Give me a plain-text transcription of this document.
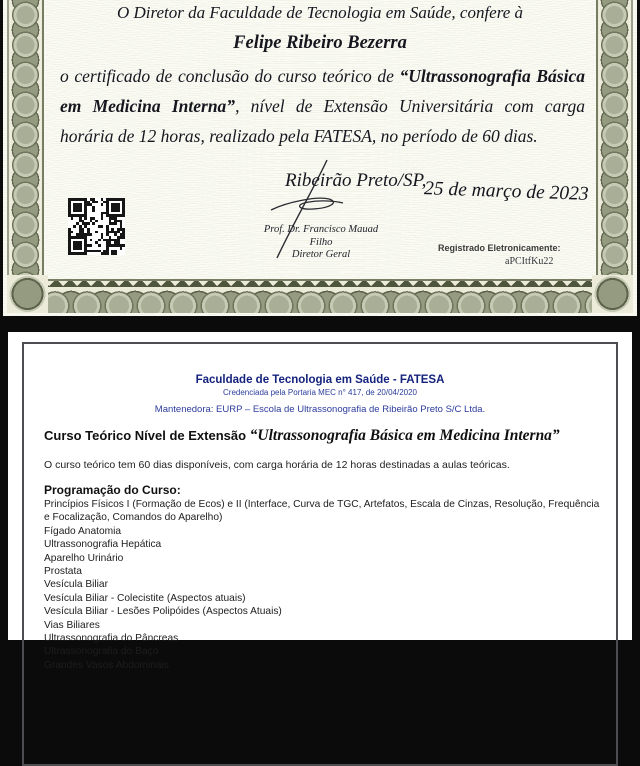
O Diretor da Faculdade de Tecnologia em Saúde, confere à

Felipe Ribeiro Bezerra

o certificado de conclusão do curso teórico de “Ultrassonografia Básica em Medicina Interna”, nível de Extensão Universitária com carga horária de 12 horas, realizado pela FATESA, no período de 60 dias.

Ribeirão Preto/SP,
25 de março de 2023
Prof. Dr. Francisco Mauad Filho
Diretor Geral
Registrado Eletronicamente:
aPCItfKu22
Faculdade de Tecnologia em Saúde - FATESA
Credenciada pela Portaria MEC n° 417, de 20/04/2020
Mantenedora: EURP – Escola de Ultrassonografia de Ribeirão Preto S/C Ltda.
Curso Teórico Nível de Extensão “Ultrassonografia Básica em Medicina Interna”

O curso teórico tem 60 dias disponíveis, com carga horária de 12 horas destinadas a aulas teóricas.

Programação do Curso:
Princípios Físicos I (Formação de Ecos) e II (Interface, Curva de TGC, Artefatos, Escala de Cinzas, Resolução, Frequência e Focalização, Comandos do Aparelho)
Fígado Anatomia
Ultrassonografia Hepática
Aparelho Urinário
Prostata
Vesícula Biliar
Vesícula Biliar - Colecistite (Aspectos atuais)
Vesícula Biliar - Lesões Polipóides (Aspectos Atuais)
Vias Biliares
Ultrassonografia do Pâncreas
Ultrassonografia do Baço
Grandes Vasos Abdominais
